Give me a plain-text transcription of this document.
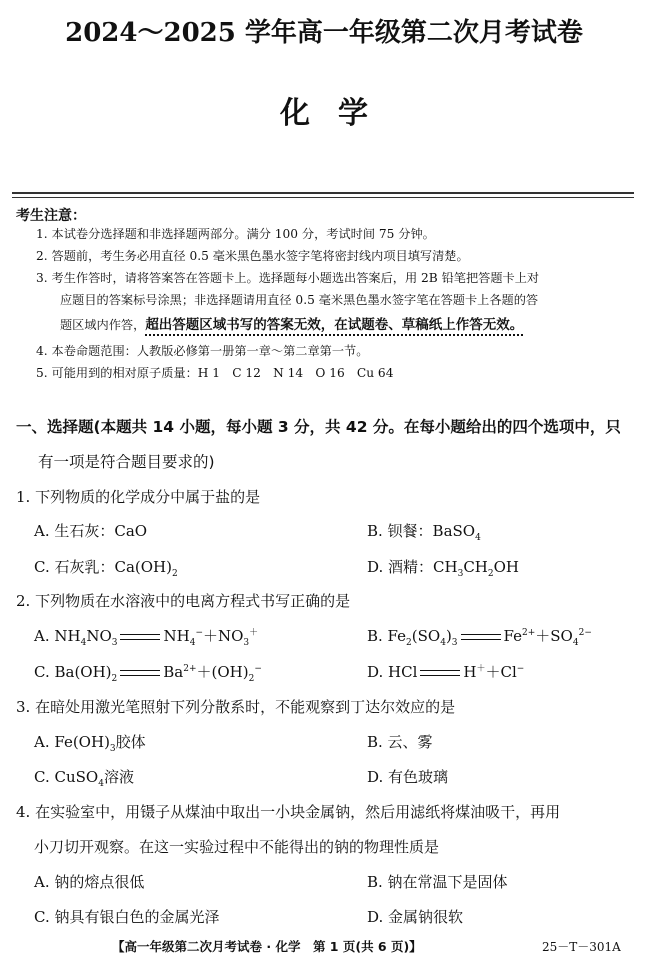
2024～2025 学年高一年级第二次月考试卷
化学
考生注意：
1. 本试卷分选择题和非选择题两部分。满分 100 分，考试时间 75 分钟。
2. 答题前，考生务必用直径 0.5 毫米黑色墨水签字笔将密封线内项目填写清楚。
3. 考生作答时，请将答案答在答题卡上。选择题每小题选出答案后，用 2B 铅笔把答题卡上对
应题目的答案标号涂黑；非选择题请用直径 0.5 毫米黑色墨水签字笔在答题卡上各题的答
题区域内作答，超出答题区域书写的答案无效，在试题卷、草稿纸上作答无效。
4. 本卷命题范围：人教版必修第一册第一章～第二章第一节。
5. 可能用到的相对原子质量：H 1　C 12　N 14　O 16　Cu 64
一、选择题(本题共 14 小题，每小题 3 分，共 42 分。在每小题给出的四个选项中，只
有一项是符合题目要求的)
1. 下列物质的化学成分中属于盐的是
A. 生石灰：CaO	B. 钡餐：BaSO$_4$
C. 石灰乳：$Ca(OH)_2$	D. 酒精：$CH_3CH_2OH$
2. 下列物质在水溶液中的电离方程式书写正确的是
A. $NH_4NO_3$	$NH_4^-+NO_3^+$	B. $Fe_2(SO_4)_3$	$Fe^{2+}+SO_4^{2-}$
C. $Ba(OH)_2$	$Ba^{2+}+(OH)_2^-$	D. HCl	H＋＋Cl−
3. 在暗处用激光笔照射下列分散系时，不能观察到丁达尔效应的是
A. $Fe(OH)_3$胶体	B. 云、雾
C. CuSO$_4$溶液	D. 有色玻璃
4. 在实验室中，用镊子从煤油中取出一小块金属钠，然后用滤纸将煤油吸干，再用
小刀切开观察。在这一实验过程中不能得出的钠的物理性质是
A. 钠的熔点很低	B. 钠在常温下是固体
C. 钠具有银白色的金属光泽	D. 金属钠很软
【高一年级第二次月考试卷 · 化学　第 1 页(共 6 页)】	25－T－301A
